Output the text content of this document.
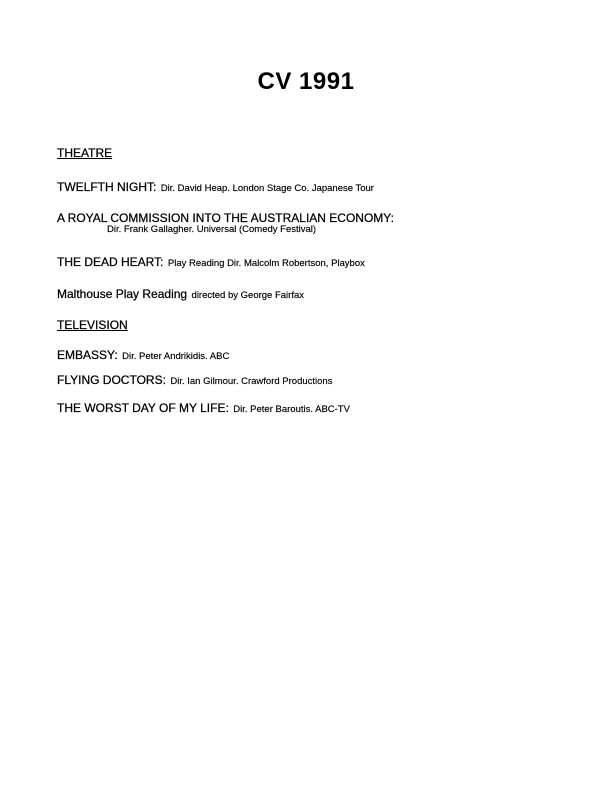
CV 1991
THEATRE
TWELFTH NIGHT: Dir. David Heap. London Stage Co. Japanese Tour
A ROYAL COMMISSION INTO THE AUSTRALIAN ECONOMY:
Dir. Frank Gallagher. Universal (Comedy Festival)
THE DEAD HEART: Play Reading Dir. Malcolm Robertson, Playbox
Malthouse Play Reading directed by George Fairfax
TELEVISION
EMBASSY: Dir. Peter Andrikidis. ABC
FLYING DOCTORS: Dir. Ian Gilmour. Crawford Productions
THE WORST DAY OF MY LIFE: Dir. Peter Baroutis. ABC-TV
